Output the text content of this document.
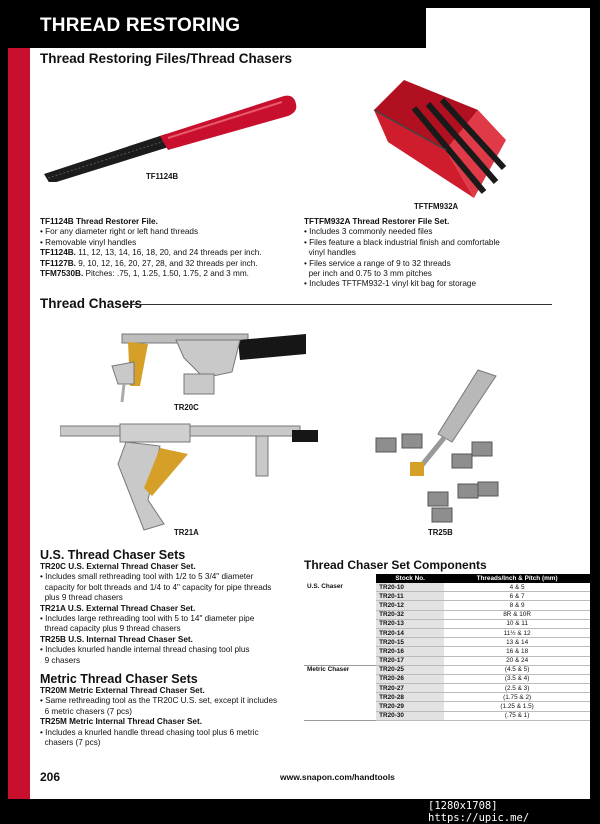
THREAD RESTORING
Thread Restoring Files/Thread Chasers
TF1124B
TFTFM932A
TF1124B Thread Restorer File.
• For any diameter right or left hand threads
• Removable vinyl handles
TF1124B. 11, 12, 13, 14, 16, 18, 20, and 24 threads per inch.
TF1127B. 9, 10, 12, 16, 20, 27, 28, and 32 threads per inch.
TFM7530B. Pitches: .75, 1, 1.25, 1.50, 1.75, 2 and 3 mm.
TFTFM932A Thread Restorer File Set.
• Includes 3 commonly needed files
• Files feature a black industrial finish and comfortable
vinyl handles
• Files service a range of 9 to 32 threads
per inch and 0.75 to 3 mm pitches
• Includes TFTFM932-1 vinyl kit bag for storage
Thread Chasers
TR20C
TR21A	TR25B
U.S. Thread Chaser Sets
TR20C U.S. External Thread Chaser Set.
• Includes small rethreading tool with 1/2 to 5 3/4" diameter
capacity for bolt threads and 1/4 to 4" capacity for pipe threads
plus 9 thread chasers
TR21A U.S. External Thread Chaser Set.
• Includes large rethreading tool with 5 to 14" diameter pipe
thread capacity plus 9 thread chasers
TR25B U.S. Internal Thread Chaser Set.
• Includes knurled handle internal thread chasing tool plus
9 chasers
Metric Thread Chaser Sets
TR20M Metric External Thread Chaser Set.
• Same rethreading tool as the TR20C U.S. set, except it includes
6 metric chasers (7 pcs)
TR25M Metric Internal Thread Chaser Set.
• Includes a knurled handle thread chasing tool plus 6 metric
chasers (7 pcs)
Thread Chaser Set Components
	Stock No.	Threads/Inch & Pitch (mm)
U.S. Chaser	TR20-10	4 & 5
	TR20-11	6 & 7
	TR20-12	8 & 9
	TR20-32	8R & 10R
	TR20-13	10 & 11
	TR20-14	11½ & 12
	TR20-15	13 & 14
	TR20-16	16 & 18
	TR20-17	20 & 24
Metric Chaser	TR20-25	(4.5 & 5)
	TR20-26	(3.5 & 4)
	TR20-27	(2.5 & 3)
	TR20-28	(1.75 & 2)
	TR20-29	(1.25 & 1.5)
	TR20-30	(.75 & 1)
206	www.snapon.com/handtools
[1280x1708] https://upic.me/
